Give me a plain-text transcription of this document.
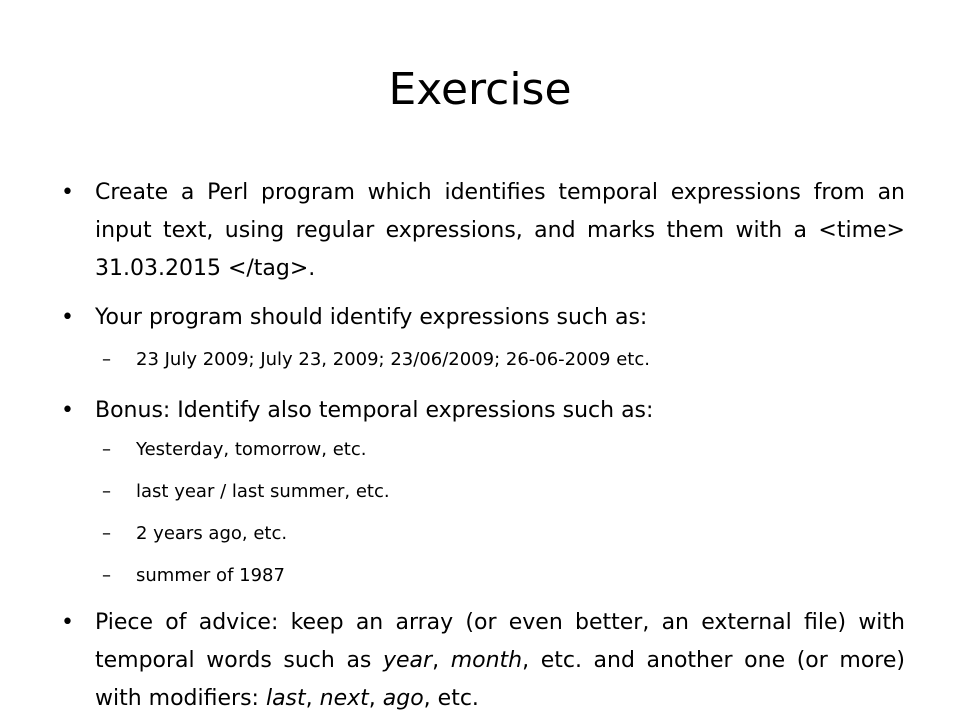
Exercise
• Create a Perl program which identifies temporal expressions from an input text, using regular expressions, and marks them with a <time> 31.03.2015 </tag>.
• Your program should identify expressions such as:
– 23 July 2009; July 23, 2009; 23/06/2009; 26-06-2009 etc.
• Bonus: Identify also temporal expressions such as:
– Yesterday, tomorrow, etc.
– last year / last summer, etc.
– 2 years ago, etc.
– summer of 1987
• Piece of advice: keep an array (or even better, an external file) with temporal words such as year, month, etc. and another one (or more) with modifiers: last, next, ago, etc.
